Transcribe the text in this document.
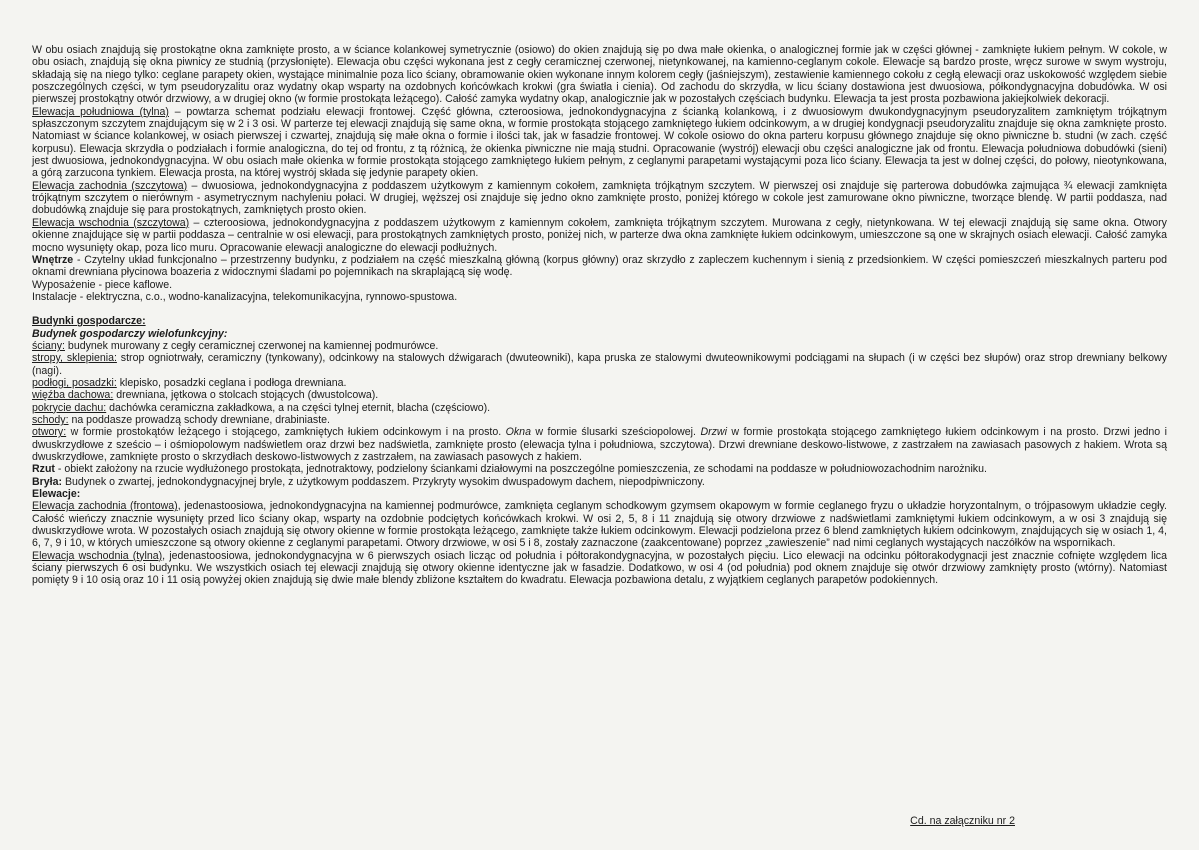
W obu osiach znajdują się prostokątne okna zamknięte prosto, a w ściance kolankowej symetrycznie (osiowo) do okien znajdują się po dwa małe okienka, o analogicznej formie jak w części głównej - zamknięte łukiem pełnym. W cokole, w obu osiach, znajdują się okna piwnicy ze studnią (przysłonięte). Elewacja obu części wykonana jest z cegły ceramicznej czerwonej, nietynkowanej, na kamienno-ceglanym cokole. Elewacje są bardzo proste, wręcz surowe w swym wystroju, składają się na niego tylko: ceglane parapety okien, wystające minimalnie poza lico ściany, obramowanie okien wykonane innym kolorem cegły (jaśniejszym), zestawienie kamiennego cokołu z cegłą elewacji oraz uskokowość względem siebie poszczególnych części, w tym pseudoryzalitu oraz wydatny okap wsparty na ozdobnych końcówkach krokwi (gra światła i cienia). Od zachodu do skrzydła, w licu ściany dostawiona jest dwuosiowa, półkondygnacyjna dobudówka. W osi pierwszej prostokątny otwór drzwiowy, a w drugiej okno (w formie prostokąta leżącego). Całość zamyka wydatny okap, analogicznie jak w pozostałych częściach budynku. Elewacja ta jest prosta pozbawiona jakiejkolwiek dekoracji.

Elewacja południowa (tylna) – powtarza schemat podziału elewacji frontowej. Część główna, czteroosiowa, jednokondygnacyjna z ścianką kolankową, i z dwuosiowym dwukondygnacyjnym pseudoryzalitem zamkniętym trójkątnym spłaszczonym szczytem znajdującym się w 2 i 3 osi. W parterze tej elewacji znajdują się same okna, w formie prostokąta stojącego zamkniętego łukiem odcinkowym, a w drugiej kondygnacji pseudoryzalitu znajduje się okna zamknięte prosto. Natomiast w ściance kolankowej, w osiach pierwszej i czwartej, znajdują się małe okna o formie i ilości tak, jak w fasadzie frontowej. W cokole osiowo do okna parteru korpusu głównego znajduje się okno piwniczne b. studni (w zach. część korpusu). Elewacja skrzydła o podziałach i formie analogiczna, do tej od frontu, z tą różnicą, że okienka piwniczne nie mają studni. Opracowanie (wystrój) elewacji obu części analogiczne jak od frontu. Elewacja południowa dobudówki (sieni) jest dwuosiowa, jednokondygnacyjna. W obu osiach małe okienka w formie prostokąta stojącego zamkniętego łukiem pełnym, z ceglanymi parapetami wystającymi poza lico ściany. Elewacja ta jest w dolnej części, do połowy, nieotynkowana, a górą zarzucona tynkiem. Elewacja prosta, na której wystrój składa się jedynie parapety okien.

Elewacja zachodnia (szczytowa) – dwuosiowa, jednokondygnacyjna z poddaszem użytkowym z kamiennym cokołem, zamknięta trójkątnym szczytem. W pierwszej osi znajduje się parterowa dobudówka zajmująca ¾ elewacji zamknięta trójkątnym szczytem o nierównym - asymetrycznym nachyleniu połaci. W drugiej, węższej osi znajduje się jedno okno zamknięte prosto, poniżej którego w cokole jest zamurowane okno piwniczne, tworzące blendę. W partii poddasza, nad dobudówką znajduje się para prostokątnych, zamkniętych prosto okien.

Elewacja wschodnia (szczytowa) – czteroosiowa, jednokondygnacyjna z poddaszem użytkowym z kamiennym cokołem, zamknięta trójkątnym szczytem. Murowana z cegły, nietynkowana. W tej elewacji znajdują się same okna. Otwory okienne znajdujące się w partii poddasza – centralnie w osi elewacji, para prostokątnych zamkniętych prosto, poniżej nich, w parterze dwa okna zamknięte łukiem odcinkowym, umieszczone są one w skrajnych osiach elewacji. Całość zamyka mocno wysunięty okap, poza lico muru. Opracowanie elewacji analogiczne do elewacji podłużnych.

Wnętrze - Czytelny układ funkcjonalno – przestrzenny budynku, z podziałem na część mieszkalną główną (korpus główny) oraz skrzydło z zapleczem kuchennym i sienią z przedsionkiem. W części pomieszczeń mieszkalnych parteru pod oknami drewniana płycinowa boazeria z widocznymi śladami po pojemnikach na skraplającą się wodę.

Wyposażenie - piece kaflowe.

Instalacje - elektryczna, c.o., wodno-kanalizacyjna, telekomunikacyjna, rynnowo-spustowa.

Budynki gospodarcze:

Budynek gospodarczy wielofunkcyjny:

ściany: budynek murowany z cegły ceramicznej czerwonej na kamiennej podmurówce.

stropy, sklepienia: strop ogniotrwały, ceramiczny (tynkowany), odcinkowy na stalowych dźwigarach (dwuteowniki), kapa pruska ze stalowymi dwuteownikowymi podciągami na słupach (i w części bez słupów) oraz strop drewniany belkowy (nagi).

podłogi, posadzki: klepisko, posadzki ceglana i podłoga drewniana.

więźba dachowa: drewniana, jętkowa o stolcach stojących (dwustolcowa).

pokrycie dachu: dachówka ceramiczna zakładkowa, a na części tylnej eternit, blacha (częściowo).

schody: na poddasze prowadzą schody drewniane, drabiniaste.

otwory: w formie prostokątów leżącego i stojącego, zamkniętych łukiem odcinkowym i na prosto. Okna w formie ślusarki sześciopolowej. Drzwi w formie prostokąta stojącego zamkniętego łukiem odcinkowym i na prosto. Drzwi jedno i dwuskrzydłowe z sześcio – i ośmiopolowym nadświetlem oraz drzwi bez nadświetla, zamknięte prosto (elewacja tylna i południowa, szczytowa). Drzwi drewniane deskowo-listwowe, z zastrzałem na zawiasach pasowych z hakiem. Wrota są dwuskrzydłowe, zamknięte prosto o skrzydłach deskowo-listwowych z zastrzałem, na zawiasach pasowych z hakiem.

Rzut - obiekt założony na rzucie wydłużonego prostokąta, jednotraktowy, podzielony ściankami działowymi na poszczególne pomieszczenia, ze schodami na poddasze w południowozachodnim narożniku.

Bryła: Budynek o zwartej, jednokondygnacyjnej bryle, z użytkowym poddaszem. Przykryty wysokim dwuspadowym dachem, niepodpiwniczony.

Elewacje:

Elewacja zachodnia (frontowa), jedenastoosiowa, jednokondygnacyjna na kamiennej podmurówce, zamknięta ceglanym schodkowym gzymsem okapowym w formie ceglanego fryzu o układzie horyzontalnym, o trójpasowym układzie cegły. Całość wieńczy znacznie wysunięty przed lico ściany okap, wsparty na ozdobnie podciętych końcówkach krokwi. W osi 2, 5, 8 i 11 znajdują się otwory drzwiowe z nadświetlami zamkniętymi łukiem odcinkowym, a w osi 3 znajdują się dwuskrzydłowe wrota. W pozostałych osiach znajdują się otwory okienne w formie prostokąta leżącego, zamknięte także łukiem odcinkowym. Elewacji podzielona przez 6 blend zamkniętych łukiem odcinkowym, znajdujących się w osiach 1, 4, 6, 7, 9 i 10, w których umieszczone są otwory okienne z ceglanymi parapetami. Otwory drzwiowe, w osi 5 i 8, zostały zaznaczone (zaakcentowane) poprzez „zawieszenie” nad nimi ceglanych wystających naczółków na wspornikach.

Elewacja wschodnia (tylna), jedenastoosiowa, jednokondygnacyjna w 6 pierwszych osiach licząc od południa i półtorakondygnacyjna, w pozostałych pięciu. Lico elewacji na odcinku półtorakodygnacji jest znacznie cofnięte względem lica ściany pierwszych 6 osi budynku. We wszystkich osiach tej elewacji znajdują się otwory okienne identyczne jak w fasadzie. Dodatkowo, w osi 4 (od południa) pod oknem znajduje się otwór drzwiowy zamknięty prosto (wtórny). Natomiast pomięty 9 i 10 osią oraz 10 i 11 osią powyżej okien znajdują się dwie małe blendy zbliżone kształtem do kwadratu. Elewacja pozbawiona detalu, z wyjątkiem ceglanych parapetów podokiennych.

Cd. na załączniku nr 2
